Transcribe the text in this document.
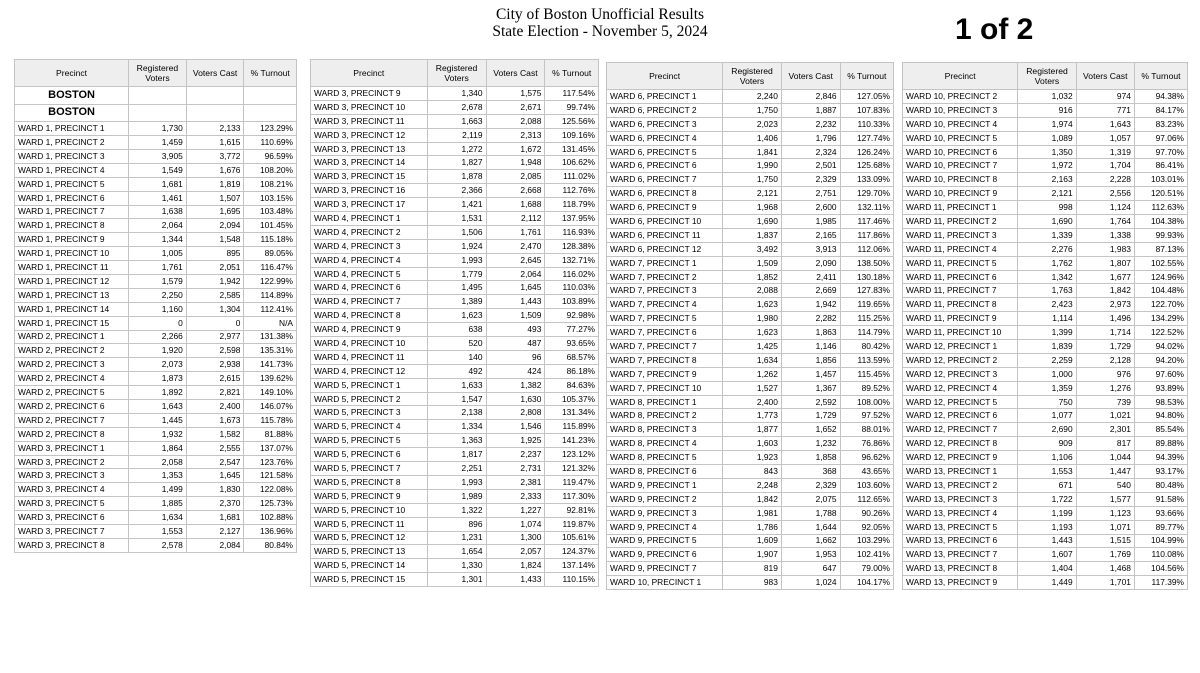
City of Boston Unofficial Results
State Election - November 5, 2024	1 of 2
Precinct	Registered Voters	Voters Cast	% Turnout
BOSTON			
BOSTON			
WARD 1, PRECINCT 1	1,730	2,133	123.29%
WARD 1, PRECINCT 2	1,459	1,615	110.69%
WARD 1, PRECINCT 3	3,905	3,772	96.59%
WARD 1, PRECINCT 4	1,549	1,676	108.20%
WARD 1, PRECINCT 5	1,681	1,819	108.21%
WARD 1, PRECINCT 6	1,461	1,507	103.15%
WARD 1, PRECINCT 7	1,638	1,695	103.48%
WARD 1, PRECINCT 8	2,064	2,094	101.45%
WARD 1, PRECINCT 9	1,344	1,548	115.18%
WARD 1, PRECINCT 10	1,005	895	89.05%
WARD 1, PRECINCT 11	1,761	2,051	116.47%
WARD 1, PRECINCT 12	1,579	1,942	122.99%
WARD 1, PRECINCT 13	2,250	2,585	114.89%
WARD 1, PRECINCT 14	1,160	1,304	112.41%
WARD 1, PRECINCT 15	0	0	N/A
WARD 2, PRECINCT 1	2,266	2,977	131.38%
WARD 2, PRECINCT 2	1,920	2,598	135.31%
WARD 2, PRECINCT 3	2,073	2,938	141.73%
WARD 2, PRECINCT 4	1,873	2,615	139.62%
WARD 2, PRECINCT 5	1,892	2,821	149.10%
WARD 2, PRECINCT 6	1,643	2,400	146.07%
WARD 2, PRECINCT 7	1,445	1,673	115.78%
WARD 2, PRECINCT 8	1,932	1,582	81.88%
WARD 3, PRECINCT 1	1,864	2,555	137.07%
WARD 3, PRECINCT 2	2,058	2,547	123.76%
WARD 3, PRECINCT 3	1,353	1,645	121.58%
WARD 3, PRECINCT 4	1,499	1,830	122.08%
WARD 3, PRECINCT 5	1,885	2,370	125.73%
WARD 3, PRECINCT 6	1,634	1,681	102.88%
WARD 3, PRECINCT 7	1,553	2,127	136.96%
WARD 3, PRECINCT 8	2,578	2,084	80.84%
Precinct	Registered Voters	Voters Cast	% Turnout
WARD 3, PRECINCT 9	1,340	1,575	117.54%
WARD 3, PRECINCT 10	2,678	2,671	99.74%
WARD 3, PRECINCT 11	1,663	2,088	125.56%
WARD 3, PRECINCT 12	2,119	2,313	109.16%
WARD 3, PRECINCT 13	1,272	1,672	131.45%
WARD 3, PRECINCT 14	1,827	1,948	106.62%
WARD 3, PRECINCT 15	1,878	2,085	111.02%
WARD 3, PRECINCT 16	2,366	2,668	112.76%
WARD 3, PRECINCT 17	1,421	1,688	118.79%
WARD 4, PRECINCT 1	1,531	2,112	137.95%
WARD 4, PRECINCT 2	1,506	1,761	116.93%
WARD 4, PRECINCT 3	1,924	2,470	128.38%
WARD 4, PRECINCT 4	1,993	2,645	132.71%
WARD 4, PRECINCT 5	1,779	2,064	116.02%
WARD 4, PRECINCT 6	1,495	1,645	110.03%
WARD 4, PRECINCT 7	1,389	1,443	103.89%
WARD 4, PRECINCT 8	1,623	1,509	92.98%
WARD 4, PRECINCT 9	638	493	77.27%
WARD 4, PRECINCT 10	520	487	93.65%
WARD 4, PRECINCT 11	140	96	68.57%
WARD 4, PRECINCT 12	492	424	86.18%
WARD 5, PRECINCT 1	1,633	1,382	84.63%
WARD 5, PRECINCT 2	1,547	1,630	105.37%
WARD 5, PRECINCT 3	2,138	2,808	131.34%
WARD 5, PRECINCT 4	1,334	1,546	115.89%
WARD 5, PRECINCT 5	1,363	1,925	141.23%
WARD 5, PRECINCT 6	1,817	2,237	123.12%
WARD 5, PRECINCT 7	2,251	2,731	121.32%
WARD 5, PRECINCT 8	1,993	2,381	119.47%
WARD 5, PRECINCT 9	1,989	2,333	117.30%
WARD 5, PRECINCT 10	1,322	1,227	92.81%
WARD 5, PRECINCT 11	896	1,074	119.87%
WARD 5, PRECINCT 12	1,231	1,300	105.61%
WARD 5, PRECINCT 13	1,654	2,057	124.37%
WARD 5, PRECINCT 14	1,330	1,824	137.14%
WARD 5, PRECINCT 15	1,301	1,433	110.15%
Precinct	Registered Voters	Voters Cast	% Turnout
WARD 6, PRECINCT 1	2,240	2,846	127.05%
WARD 6, PRECINCT 2	1,750	1,887	107.83%
WARD 6, PRECINCT 3	2,023	2,232	110.33%
WARD 6, PRECINCT 4	1,406	1,796	127.74%
WARD 6, PRECINCT 5	1,841	2,324	126.24%
WARD 6, PRECINCT 6	1,990	2,501	125.68%
WARD 6, PRECINCT 7	1,750	2,329	133.09%
WARD 6, PRECINCT 8	2,121	2,751	129.70%
WARD 6, PRECINCT 9	1,968	2,600	132.11%
WARD 6, PRECINCT 10	1,690	1,985	117.46%
WARD 6, PRECINCT 11	1,837	2,165	117.86%
WARD 6, PRECINCT 12	3,492	3,913	112.06%
WARD 7, PRECINCT 1	1,509	2,090	138.50%
WARD 7, PRECINCT 2	1,852	2,411	130.18%
WARD 7, PRECINCT 3	2,088	2,669	127.83%
WARD 7, PRECINCT 4	1,623	1,942	119.65%
WARD 7, PRECINCT 5	1,980	2,282	115.25%
WARD 7, PRECINCT 6	1,623	1,863	114.79%
WARD 7, PRECINCT 7	1,425	1,146	80.42%
WARD 7, PRECINCT 8	1,634	1,856	113.59%
WARD 7, PRECINCT 9	1,262	1,457	115.45%
WARD 7, PRECINCT 10	1,527	1,367	89.52%
WARD 8, PRECINCT 1	2,400	2,592	108.00%
WARD 8, PRECINCT 2	1,773	1,729	97.52%
WARD 8, PRECINCT 3	1,877	1,652	88.01%
WARD 8, PRECINCT 4	1,603	1,232	76.86%
WARD 8, PRECINCT 5	1,923	1,858	96.62%
WARD 8, PRECINCT 6	843	368	43.65%
WARD 9, PRECINCT 1	2,248	2,329	103.60%
WARD 9, PRECINCT 2	1,842	2,075	112.65%
WARD 9, PRECINCT 3	1,981	1,788	90.26%
WARD 9, PRECINCT 4	1,786	1,644	92.05%
WARD 9, PRECINCT 5	1,609	1,662	103.29%
WARD 9, PRECINCT 6	1,907	1,953	102.41%
WARD 9, PRECINCT 7	819	647	79.00%
WARD 10, PRECINCT 1	983	1,024	104.17%
Precinct	Registered Voters	Voters Cast	% Turnout
WARD 10, PRECINCT 2	1,032	974	94.38%
WARD 10, PRECINCT 3	916	771	84.17%
WARD 10, PRECINCT 4	1,974	1,643	83.23%
WARD 10, PRECINCT 5	1,089	1,057	97.06%
WARD 10, PRECINCT 6	1,350	1,319	97.70%
WARD 10, PRECINCT 7	1,972	1,704	86.41%
WARD 10, PRECINCT 8	2,163	2,228	103.01%
WARD 10, PRECINCT 9	2,121	2,556	120.51%
WARD 11, PRECINCT 1	998	1,124	112.63%
WARD 11, PRECINCT 2	1,690	1,764	104.38%
WARD 11, PRECINCT 3	1,339	1,338	99.93%
WARD 11, PRECINCT 4	2,276	1,983	87.13%
WARD 11, PRECINCT 5	1,762	1,807	102.55%
WARD 11, PRECINCT 6	1,342	1,677	124.96%
WARD 11, PRECINCT 7	1,763	1,842	104.48%
WARD 11, PRECINCT 8	2,423	2,973	122.70%
WARD 11, PRECINCT 9	1,114	1,496	134.29%
WARD 11, PRECINCT 10	1,399	1,714	122.52%
WARD 12, PRECINCT 1	1,839	1,729	94.02%
WARD 12, PRECINCT 2	2,259	2,128	94.20%
WARD 12, PRECINCT 3	1,000	976	97.60%
WARD 12, PRECINCT 4	1,359	1,276	93.89%
WARD 12, PRECINCT 5	750	739	98.53%
WARD 12, PRECINCT 6	1,077	1,021	94.80%
WARD 12, PRECINCT 7	2,690	2,301	85.54%
WARD 12, PRECINCT 8	909	817	89.88%
WARD 12, PRECINCT 9	1,106	1,044	94.39%
WARD 13, PRECINCT 1	1,553	1,447	93.17%
WARD 13, PRECINCT 2	671	540	80.48%
WARD 13, PRECINCT 3	1,722	1,577	91.58%
WARD 13, PRECINCT 4	1,199	1,123	93.66%
WARD 13, PRECINCT 5	1,193	1,071	89.77%
WARD 13, PRECINCT 6	1,443	1,515	104.99%
WARD 13, PRECINCT 7	1,607	1,769	110.08%
WARD 13, PRECINCT 8	1,404	1,468	104.56%
WARD 13, PRECINCT 9	1,449	1,701	117.39%
